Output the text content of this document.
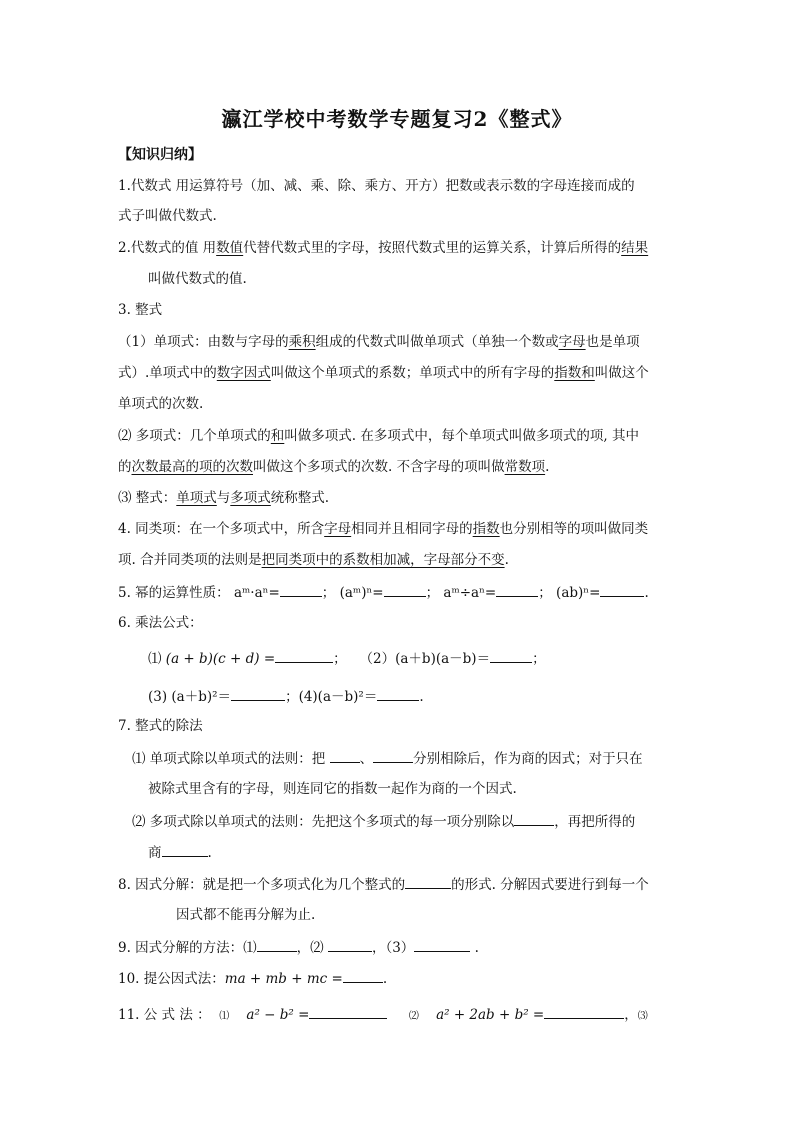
瀛江学校中考数学专题复习2《整式》
【知识归纳】
1.代数式 用运算符号（加、减、乘、除、乘方、开方）把数或表示数的字母连接而成的
式子叫做代数式.
2.代数式的值 用数值代替代数式里的字母，按照代数式里的运算关系，计算后所得的结果
叫做代数式的值.
3. 整式
（1）单项式：由数与字母的乘积组成的代数式叫做单项式（单独一个数或字母也是单项
式）.单项式中的数字因式叫做这个单项式的系数；单项式中的所有字母的指数和叫做这个
单项式的次数.
⑵ 多项式：几个单项式的和叫做多项式. 在多项式中，每个单项式叫做多项式的项, 其中
的次数最高的项的次数叫做这个多项式的次数. 不含字母的项叫做常数项.
⑶ 整式：单项式与多项式统称整式.
4. 同类项：在一个多项式中，所含字母相同并且相同字母的指数也分别相等的项叫做同类
项. 合并同类项的法则是把同类项中的系数相加减，字母部分不变.
5. 幂的运算性质： aᵐ·aⁿ=	； (aᵐ)ⁿ=	； aᵐ÷aⁿ=	； (ab)ⁿ=	.
6. 乘法公式：
⑴ (a + b)(c + d) =	；   （2）(a＋b)(a－b)＝	；
(3) (a＋b)²＝	；(4)(a－b)²＝	.
7. 整式的除法
⑴ 单项式除以单项式的法则：把 、	分别相除后，作为商的因式；对于只在
被除式里含有的字母，则连同它的指数一起作为商的一个因式.
⑵ 多项式除以单项式的法则：先把这个多项式的每一项分别除以	，再把所得的
商	.
8. 因式分解：就是把一个多项式化为几个整式的	的形式. 分解因式要进行到每一个
因式都不能再分解为止.
9. 因式分解的方法：⑴	，⑵	，（3）	.
10. 提公因式法：ma + mb + mc =	.
11. 公 式 法 ： ⑴ a² − b² =	⑵ a² + 2ab + b² =	，⑶
